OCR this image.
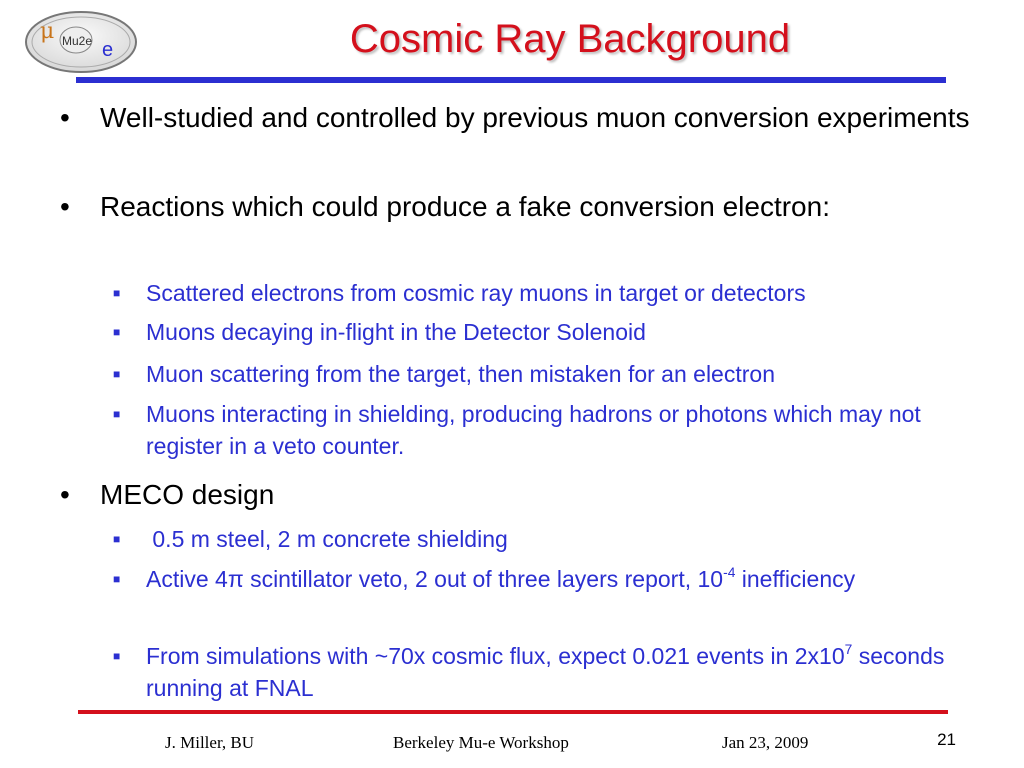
μ Mu2e e	Cosmic Ray Background
•	Well-studied and controlled by previous muon conversion experiments
•	Reactions which could produce a fake conversion electron:
■	Scattered electrons from cosmic ray muons in target or detectors
■	Muons decaying in-flight in the Detector Solenoid
■	Muon scattering from the target, then mistaken for an electron
■	Muons interacting in shielding, producing hadrons or photons which may not register in a veto counter.
•	MECO design
■	0.5 m steel, 2 m concrete shielding
■	Active 4π scintillator veto, 2 out of three layers report, $10^{-4}$ inefficiency
■	From simulations with ~70x cosmic flux, expect 0.021 events in $2x10^7$ seconds running at FNAL
J. Miller, BU	Berkeley Mu-e Workshop	Jan 23, 2009	21
